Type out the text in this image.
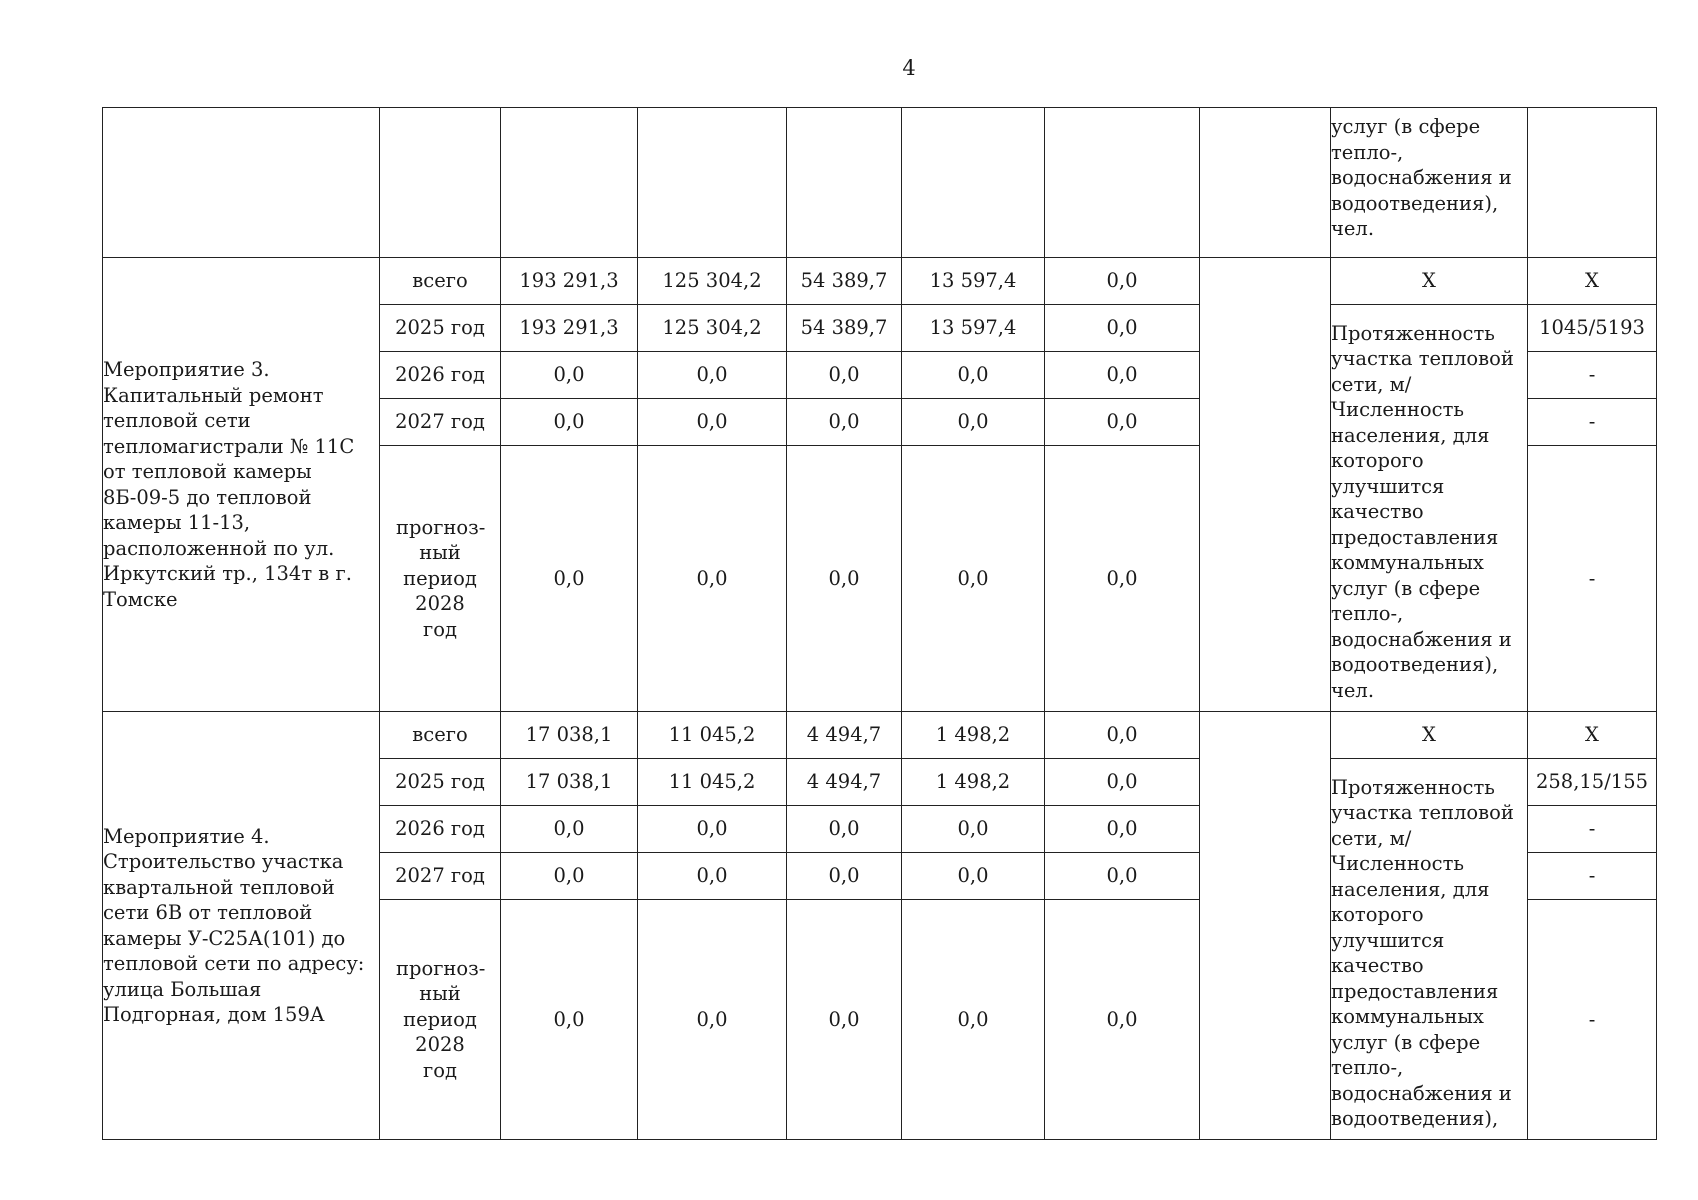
4
								услуг (в сфере тепло-, водоснабжения и водоотведения), чел.	
Мероприятие 3. Капитальный ремонт тепловой сети тепломагистрали № 11С от тепловой камеры 8Б-09-5 до тепловой камеры 11-13, расположенной по ул. Иркутский тр., 134т в г. Томске	всего	193 291,3	125 304,2	54 389,7	13 597,4	0,0		Х	Х
	2025 год	193 291,3	125 304,2	54 389,7	13 597,4	0,0		Протяженность участка тепловой сети, м/ Численность населения, для которого улучшится качество предоставления коммунальных услуг (в сфере тепло-, водоснабжения и водоотведения), чел.	1045/5193
	2026 год	0,0	0,0	0,0	0,0	0,0			-
	2027 год	0,0	0,0	0,0	0,0	0,0			-
	прогноз-ный период 2028 год	0,0	0,0	0,0	0,0	0,0			-
Мероприятие 4. Строительство участка квартальной тепловой сети 6В от тепловой камеры У-С25А(101) до тепловой сети по адресу: улица Большая Подгорная, дом 159А	всего	17 038,1	11 045,2	4 494,7	1 498,2	0,0		Х	Х
	2025 год	17 038,1	11 045,2	4 494,7	1 498,2	0,0		Протяженность участка тепловой сети, м/ Численность населения, для которого улучшится качество предоставления коммунальных услуг (в сфере тепло-, водоснабжения и водоотведения),	258,15/155
	2026 год	0,0	0,0	0,0	0,0	0,0			-
	2027 год	0,0	0,0	0,0	0,0	0,0			-
	прогноз-ный период 2028 год	0,0	0,0	0,0	0,0	0,0			-
